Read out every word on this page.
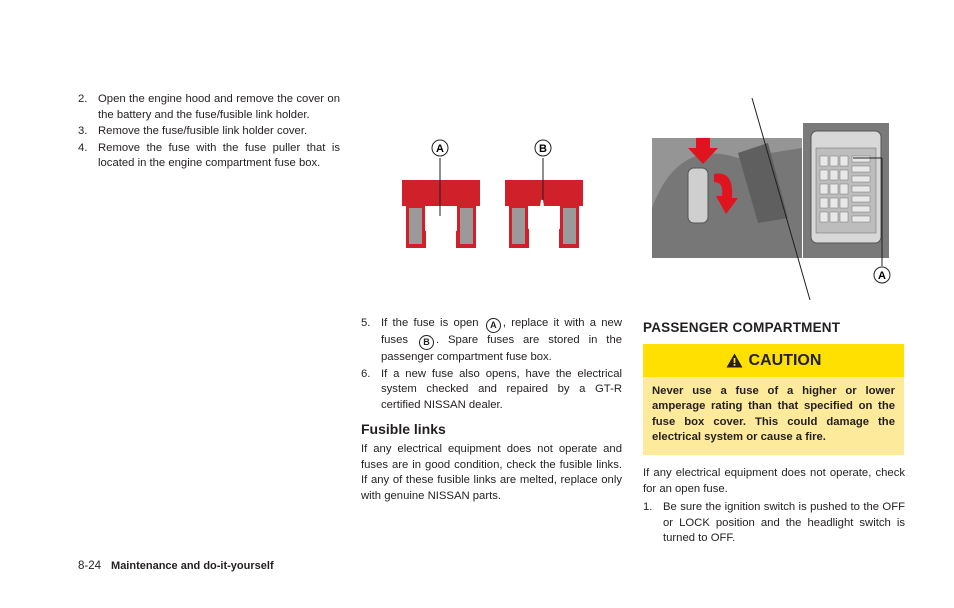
2. Open the engine hood and remove the cover on the battery and the fuse/fusible link holder.
3. Remove the fuse/fusible link holder cover.
4. Remove the fuse with the fuse puller that is located in the engine compartment fuse box.
A	B
A
5. If the fuse is open A , replace it with a new fuses B . Spare fuses are stored in the passenger compartment fuse box.
6. If a new fuse also opens, have the electrical system checked and repaired by a GT-R certified NISSAN dealer.
Fusible links

If any electrical equipment does not operate and fuses are in good condition, check the fusible links. If any of these fusible links are melted, replace only with genuine NISSAN parts.

PASSENGER COMPARTMENT
CAUTION
Never use a fuse of a higher or lower amperage rating than that specified on the fuse box cover. This could damage the electrical system or cause a fire.

If any electrical equipment does not operate, check for an open fuse.

1. Be sure the ignition switch is pushed to the OFF or LOCK position and the headlight switch is turned to OFF.
8-24 Maintenance and do-it-yourself
